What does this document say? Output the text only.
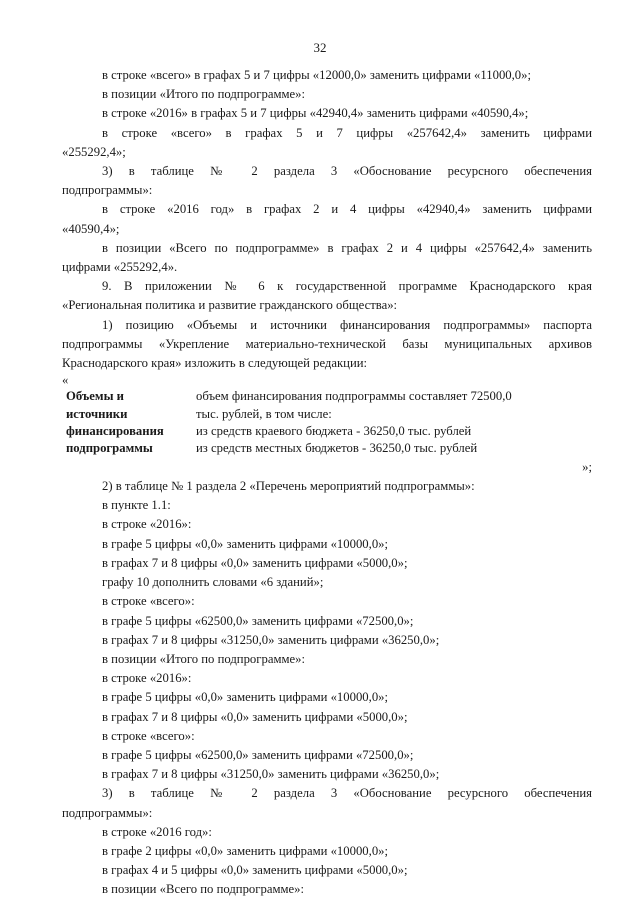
32

в строке «всего» в графах 5 и 7 цифры «12000,0» заменить цифрами «11000,0»;

в позиции «Итого по подпрограмме»:

в строке «2016» в графах 5 и 7 цифры «42940,4» заменить цифрами «40590,4»;

в строке «всего» в графах 5 и 7 цифры «257642,4» заменить цифрами

«255292,4»;

3) в таблице № 2 раздела 3 «Обоснование ресурсного обеспечения

подпрограммы»:

в строке «2016 год» в графах 2 и 4 цифры «42940,4» заменить цифрами

«40590,4»;

в позиции «Всего по подпрограмме» в графах 2 и 4 цифры «257642,4» заменить

цифрами «255292,4».

9. В приложении № 6 к государственной программе Краснодарского края

«Региональная политика и развитие гражданского общества»:

1) позицию «Объемы и источники финансирования подпрограммы» паспорта

подпрограммы «Укрепление материально-технической базы муниципальных архивов

Краснодарского края» изложить в следующей редакции:

«

Объемы и	объем финансирования подпрограммы составляет 72500,0
источники	тыс. рублей, в том числе:
финансирования	из средств краевого бюджета - 36250,0 тыс. рублей
подпрограммы	из средств местных бюджетов - 36250,0 тыс. рублей

»;

2) в таблице № 1 раздела 2 «Перечень мероприятий подпрограммы»:

в пункте 1.1:

в строке «2016»:

в графе 5 цифры «0,0» заменить цифрами «10000,0»;

в графах 7 и 8 цифры «0,0» заменить цифрами «5000,0»;

графу 10 дополнить словами «6 зданий»;

в строке «всего»:

в графе 5 цифры «62500,0» заменить цифрами «72500,0»;

в графах 7 и 8 цифры «31250,0» заменить цифрами «36250,0»;

в позиции «Итого по подпрограмме»:

в строке «2016»:

в графе 5 цифры «0,0» заменить цифрами «10000,0»;

в графах 7 и 8 цифры «0,0» заменить цифрами «5000,0»;

в строке «всего»:

в графе 5 цифры «62500,0» заменить цифрами «72500,0»;

в графах 7 и 8 цифры «31250,0» заменить цифрами «36250,0»;

3) в таблице № 2 раздела 3 «Обоснование ресурсного обеспечения

подпрограммы»:

в строке «2016 год»:

в графе 2 цифры «0,0» заменить цифрами «10000,0»;

в графах 4 и 5 цифры «0,0» заменить цифрами «5000,0»;

в позиции «Всего по подпрограмме»:
